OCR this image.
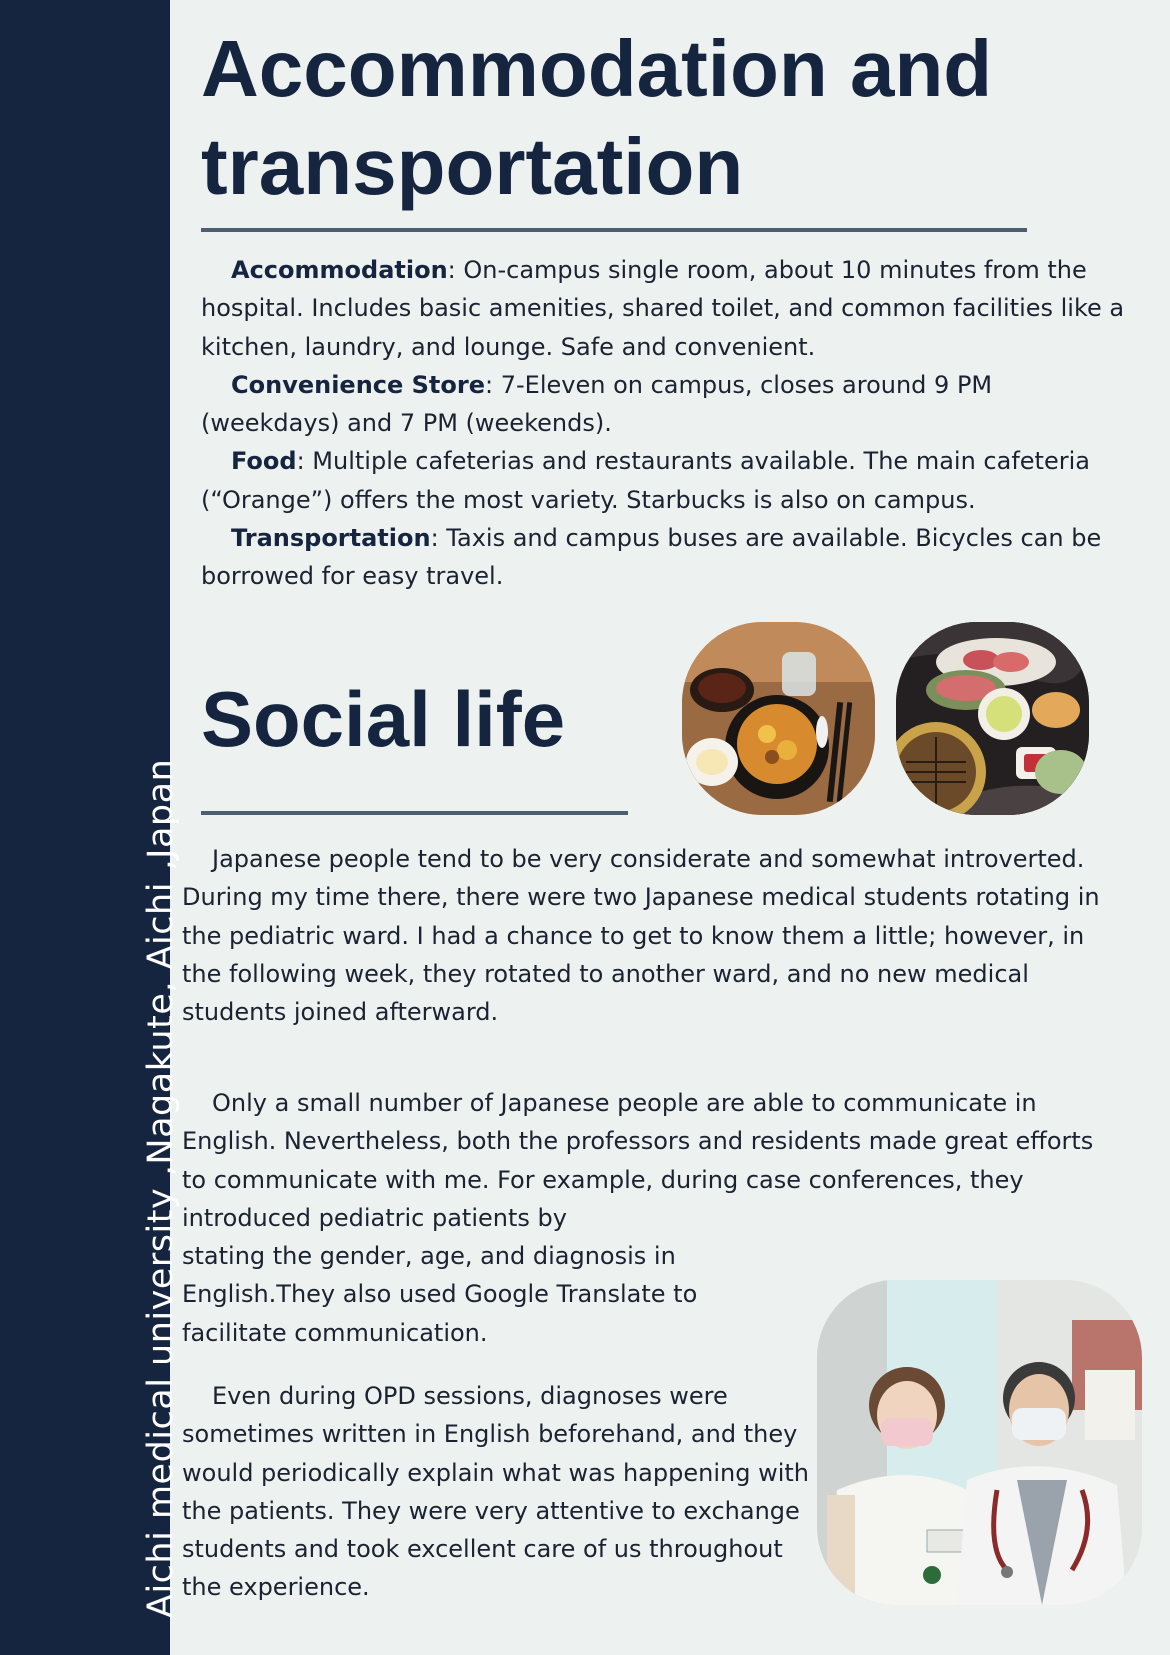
Aichi medical university ,Nagakute, Aichi ,Japan
Accommodation and
transportation

Accommodation: On-campus single room, about 10 minutes from the hospital. Includes basic amenities, shared toilet, and common facilities like a kitchen, laundry, and lounge. Safe and convenient.

Convenience Store: 7-Eleven on campus, closes around 9 PM (weekdays) and 7 PM (weekends).

Food: Multiple cafeterias and restaurants available. The main cafeteria (“Orange”) offers the most variety. Starbucks is also on campus.

Transportation: Taxis and campus buses are available. Bicycles can be borrowed for easy travel.

Social life

Japanese people tend to be very considerate and somewhat introverted. During my time there, there were two Japanese medical students rotating in the pediatric ward. I had a chance to get to know them a little; however, in the following week, they rotated to another ward, and no new medical students joined afterward.

Only a small number of Japanese people are able to communicate in English. Nevertheless, both the professors and residents made great efforts to communicate with me. For example, during case conferences, they introduced pediatric patients by

stating the gender, age, and diagnosis in English.They also used Google Translate to facilitate communication.

Even during OPD sessions, diagnoses were sometimes written in English beforehand, and they would periodically explain what was happening with the patients. They were very attentive to exchange students and took excellent care of us throughout the experience.
